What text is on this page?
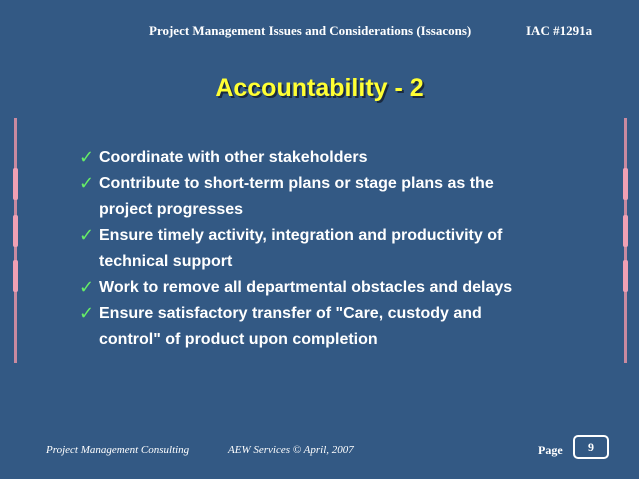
Project Management Issues and Considerations (Issacons)	IAC #1291a
Accountability - 2
✓ Coordinate with other stakeholders
✓ Contribute to short-term plans or stage plans as the
project progresses
✓ Ensure timely activity, integration and productivity of
technical support
✓ Work to remove all departmental obstacles and delays
✓ Ensure satisfactory transfer of "Care, custody and
control" of product upon completion
Project Management Consulting	AEW Services © April, 2007	Page	9
